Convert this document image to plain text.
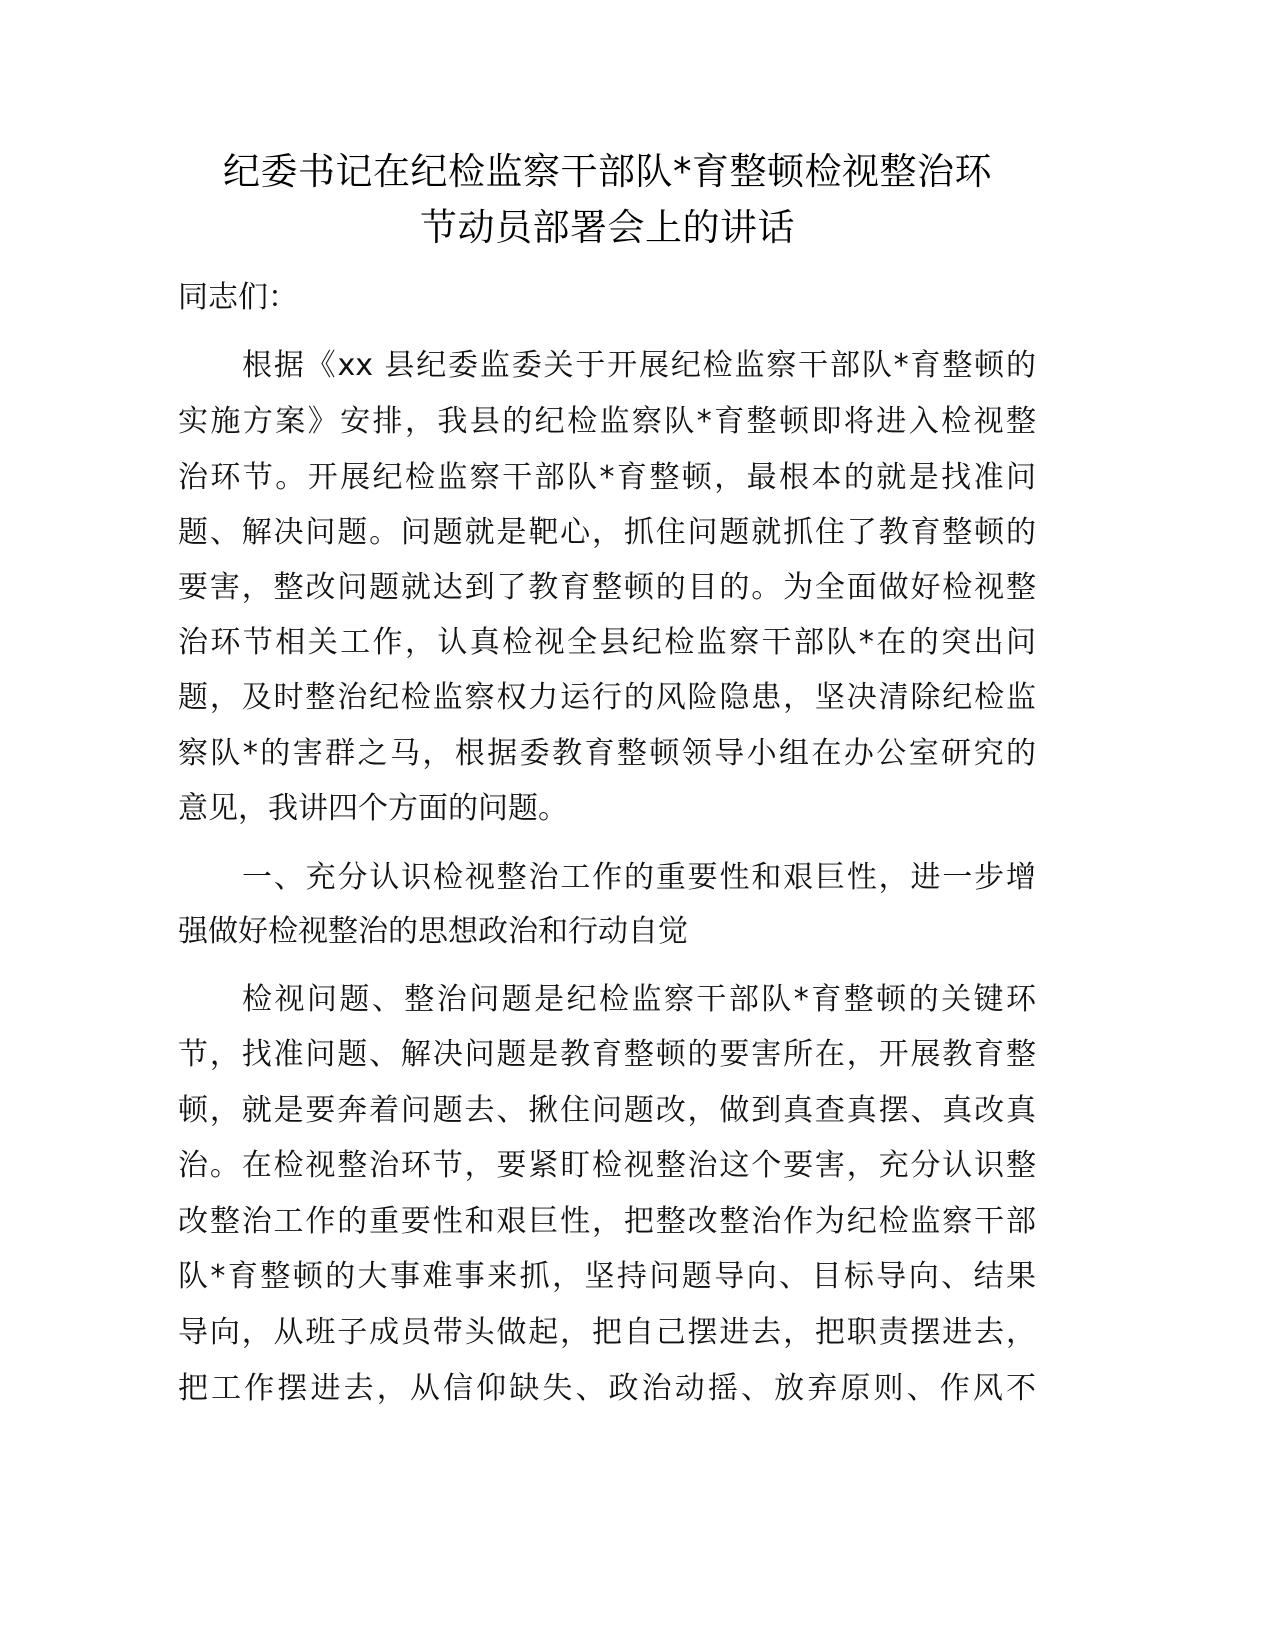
纪委书记在纪检监察干部队*育整顿检视整治环
节动员部署会上的讲话
同志们：
根据《xx 县纪委监委关于开展纪检监察干部队*育整顿的
实施方案》安排，我县的纪检监察队*育整顿即将进入检视整
治环节。开展纪检监察干部队*育整顿，最根本的就是找准问
题、解决问题。问题就是靶心，抓住问题就抓住了教育整顿的
要害，整改问题就达到了教育整顿的目的。为全面做好检视整
治环节相关工作，认真检视全县纪检监察干部队*在的突出问
题，及时整治纪检监察权力运行的风险隐患，坚决清除纪检监
察队*的害群之马，根据委教育整顿领导小组在办公室研究的
意见，我讲四个方面的问题。
一、充分认识检视整治工作的重要性和艰巨性，进一步增
强做好检视整治的思想政治和行动自觉
检视问题、整治问题是纪检监察干部队*育整顿的关键环
节，找准问题、解决问题是教育整顿的要害所在，开展教育整
顿，就是要奔着问题去、揪住问题改，做到真查真摆、真改真
治。在检视整治环节，要紧盯检视整治这个要害，充分认识整
改整治工作的重要性和艰巨性，把整改整治作为纪检监察干部
队*育整顿的大事难事来抓，坚持问题导向、目标导向、结果
导向，从班子成员带头做起，把自己摆进去，把职责摆进去，
把工作摆进去，从信仰缺失、政治动摇、放弃原则、作风不
